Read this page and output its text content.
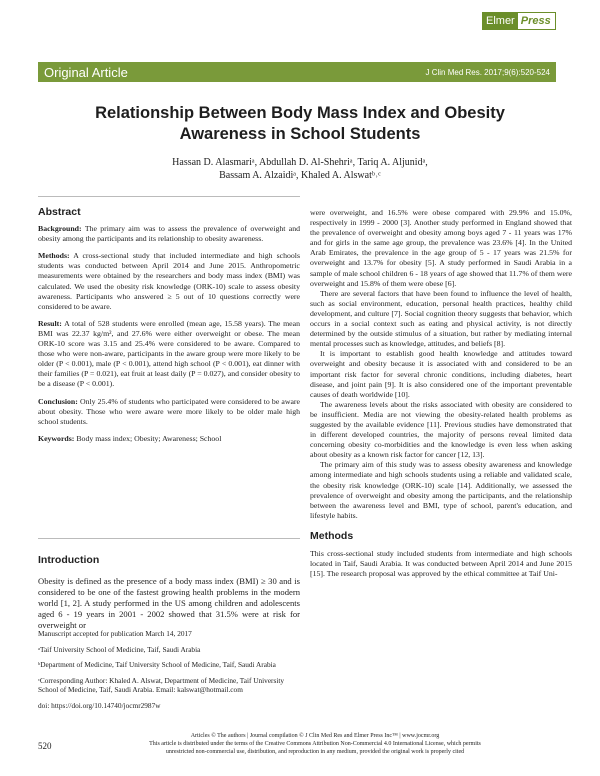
Elmer Press
Original Article	J Clin Med Res. 2017;9(6):520-524
Relationship Between Body Mass Index and Obesity Awareness in School Students
Hassan D. Alasmariᵃ, Abdullah D. Al-Shehriᵃ, Tariq A. Aljunidᵃ,
Bassam A. Alzaidiᵃ, Khaled A. Alswatᵇ˒ᶜ
Abstract

Background: The primary aim was to assess the prevalence of overweight and obesity among the participants and its relationship to obesity awareness.

Methods: A cross-sectional study that included intermediate and high schools students was conducted between April 2014 and June 2015. Anthropometric measurements were obtained by the researchers and body mass index (BMI) was calculated. We used the obesity risk knowledge (ORK-10) scale to assess obesity awareness. Participants who answered ≥ 5 out of 10 questions correctly were considered to be aware.

Result: A total of 528 students were enrolled (mean age, 15.58 years). The mean BMI was 22.37 kg/m², and 27.6% were either overweight or obese. The mean ORK-10 score was 3.15 and 25.4% were considered to be aware. Compared to those who were non-aware, participants in the aware group were more likely to be older (P < 0.001), male (P < 0.001), attend high school (P < 0.001), eat dinner with their families (P = 0.021), eat fruit at least daily (P = 0.027), and consider obesity to be a disease (P < 0.001).

Conclusion: Only 25.4% of students who participated were considered to be aware about obesity. Those who were aware were more likely to be older male high school students.

Keywords: Body mass index; Obesity; Awareness; School

Introduction

Obesity is defined as the presence of a body mass index (BMI) ≥ 30 and is considered to be one of the fastest growing health problems in the modern world [1, 2]. A study performed in the US among children and adolescents aged 6 - 19 years in 2001 - 2002 showed that 31.5% were at risk for overweight or

Manuscript accepted for publication March 14, 2017

ᵃTaif University School of Medicine, Taif, Saudi Arabia

ᵇDepartment of Medicine, Taif University School of Medicine, Taif, Saudi Arabia

ᶜCorresponding Author: Khaled A. Alswat, Department of Medicine, Taif University School of Medicine, Taif, Saudi Arabia. Email: kalswat@hotmail.com

doi: https://doi.org/10.14740/jocmr2987w

were overweight, and 16.5% were obese compared with 29.9% and 15.0%, respectively in 1999 - 2000 [3]. Another study performed in England showed that the prevalence of overweight and obesity among boys aged 7 - 11 years was 17% and for girls in the same age group, the prevalence was 23.6% [4]. In the United Arab Emirates, the prevalence in the age group of 5 - 17 years was 21.5% for overweight and 13.7% for obesity [5]. A study performed in Saudi Arabia in a sample of male school children 6 - 18 years of age showed that 11.7% of them were overweight and 15.8% of them were obese [6].

There are several factors that have been found to influence the level of health, such as social environment, education, personal health practices, healthy child development, and culture [7]. Social cognition theory suggests that behavior, which occurs in a social context such as eating and physical activity, is not directly determined by the outside stimulus of a situation, but rather by mediating internal mental processes such as knowledge, attitudes, and beliefs [8].

It is important to establish good health knowledge and attitudes toward overweight and obesity because it is associated with and considered to be an important risk factor for several chronic conditions, including diabetes, heart disease, and joint pain [9]. It is also considered one of the important preventable causes of death worldwide [10].

The awareness levels about the risks associated with obesity are considered to be insufficient. Media are not viewing the obesity-related health problems as suggested by the available evidence [11]. Previous studies have demonstrated that in different developed countries, the majority of persons reveal limited data concerning obesity co-morbidities and the knowledge is even less when asking about obesity as a known risk factor for cancer [12, 13].

The primary aim of this study was to assess obesity awareness and knowledge among intermediate and high schools students using a reliable and validated scale, the obesity risk knowledge (ORK-10) scale [14]. Additionally, we assessed the prevalence of overweight and obesity among the participants, and the relationship between the awareness level and BMI, type of school, parent's education, and lifestyle habits.

Methods

This cross-sectional study included students from intermediate and high schools located in Taif, Saudi Arabia. It was conducted between April 2014 and June 2015 [15]. The research proposal was approved by the ethical committee at Taif Uni-

520
Articles © The authors | Journal compilation © J Clin Med Res and Elmer Press Inc™ | www.jocmr.org
This article is distributed under the terms of the Creative Commons Attribution Non-Commercial 4.0 International License, which permits
unrestricted non-commercial use, distribution, and reproduction in any medium, provided the original work is properly cited
